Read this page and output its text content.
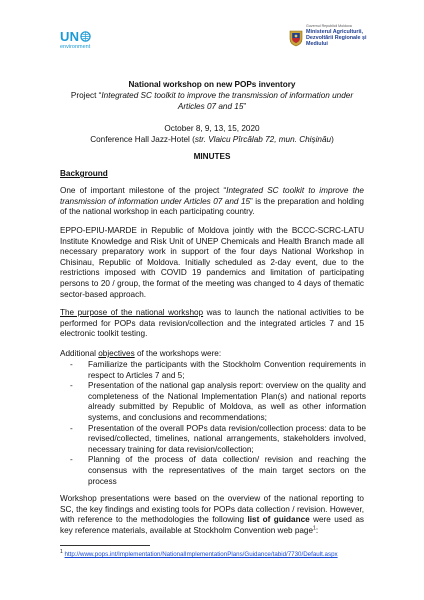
UN
environment
Guvernul Republicii Moldova
Ministerul Agriculturii,
Dezvoltării Regionale și
Mediului
National workshop on new POPs inventory
Project “Integrated SC toolkit to improve the transmission of information under Articles 07 and 15”
October 8, 9, 13, 15, 2020
Conference Hall Jazz-Hotel (str. Vlaicu Pîrcălab 72, mun. Chișinău)
MINUTES
Background
One of important milestone of the project “Integrated SC toolkit to improve the transmission of information under Articles 07 and 15” is the preparation and holding of the national workshop in each participating country.
EPPO-EPIU-MARDE in Republic of Moldova jointly with the BCCC-SCRC-LATU Institute Knowledge and Risk Unit of UNEP Chemicals and Health Branch made all necessary preparatory work in support of the four days National Workshop in Chisinau, Republic of Moldova. Initially scheduled as 2-day event, due to the restrictions imposed with COVID 19 pandemics and limitation of participating persons to 20 / group, the format of the meeting was changed to 4 days of thematic sector-based approach.
The purpose of the national workshop was to launch the national activities to be performed for POPs data revision/collection and the integrated articles 7 and 15 electronic toolkit testing.
Additional objectives of the workshops were:
- Familiarize the participants with the Stockholm Convention requirements in respect to Articles 7 and 5;
- Presentation of the national gap analysis report: overview on the quality and completeness of the National Implementation Plan(s) and national reports already submitted by Republic of Moldova, as well as other information systems, and conclusions and recommendations;
- Presentation of the overall POPs data revision/collection process: data to be revised/collected, timelines, national arrangements, stakeholders involved, necessary training for data revision/collection;
- Planning of the process of data collection/ revision and reaching the consensus with the representatives of the main target sectors on the process
Workshop presentations were based on the overview of the national reporting to SC, the key findings and existing tools for POPs data collection / revision. However, with reference to the methodologies the following list of guidance were used as key reference materials, available at Stockholm Convention web page$^1$:
$^1$ http://www.pops.int/Implementation/NationalImplementationPlans/Guidance/tabid/7730/Default.aspx
